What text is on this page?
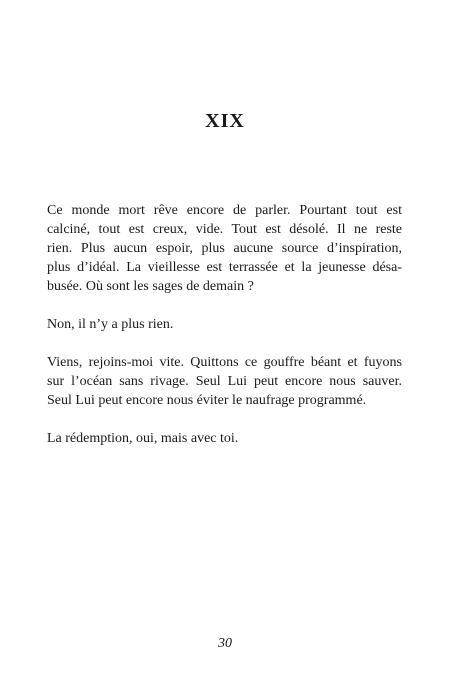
XIX

Ce monde mort rêve encore de parler. Pourtant tout est
calciné, tout est creux, vide. Tout est désolé. Il ne reste
rien. Plus aucun espoir, plus aucune source d’inspiration,
plus d’idéal. La vieillesse est terrassée et la jeunesse désa-
busée. Où sont les sages de demain ?

Non, il n’y a plus rien.

Viens, rejoins-moi vite. Quittons ce gouffre béant et fuyons
sur l’océan sans rivage. Seul Lui peut encore nous sauver.
Seul Lui peut encore nous éviter le naufrage programmé.

La rédemption, oui, mais avec toi.

30
